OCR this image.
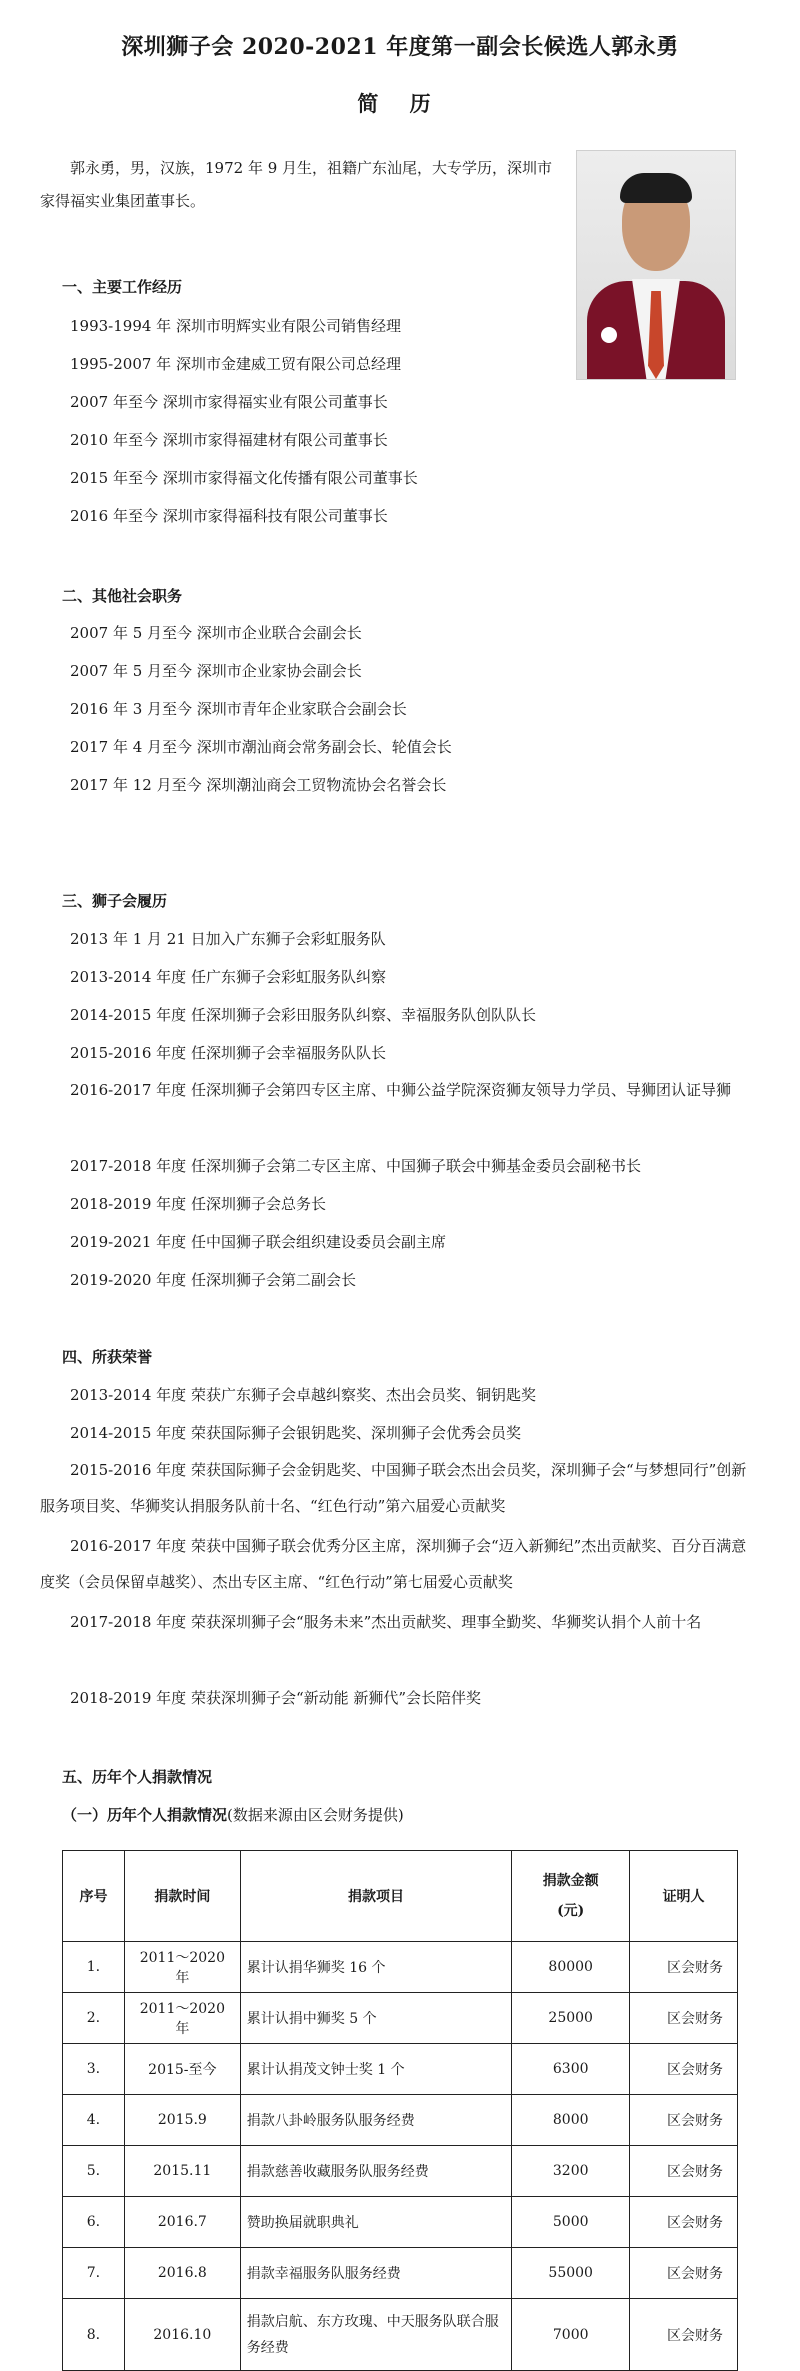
深圳狮子会 2020-2021 年度第一副会长候选人郭永勇
简 历
郭永勇，男，汉族，1972 年 9 月生，祖籍广东汕尾，大专学历，深圳市家得福实业集团董事长。
一、主要工作经历
1993-1994 年 深圳市明辉实业有限公司销售经理
1995-2007 年 深圳市金建威工贸有限公司总经理
2007 年至今 深圳市家得福实业有限公司董事长
2010 年至今 深圳市家得福建材有限公司董事长
2015 年至今 深圳市家得福文化传播有限公司董事长
2016 年至今 深圳市家得福科技有限公司董事长
二、其他社会职务
2007 年 5 月至今 深圳市企业联合会副会长
2007 年 5 月至今 深圳市企业家协会副会长
2016 年 3 月至今 深圳市青年企业家联合会副会长
2017 年 4 月至今 深圳市潮汕商会常务副会长、轮值会长
2017 年 12 月至今 深圳潮汕商会工贸物流协会名誉会长
三、狮子会履历
2013 年 1 月 21 日加入广东狮子会彩虹服务队
2013-2014 年度 任广东狮子会彩虹服务队纠察
2014-2015 年度 任深圳狮子会彩田服务队纠察、幸福服务队创队队长
2015-2016 年度 任深圳狮子会幸福服务队队长
2016-2017 年度 任深圳狮子会第四专区主席、中狮公益学院深资狮友领导力学员、导狮团认证导狮
2017-2018 年度 任深圳狮子会第二专区主席、中国狮子联会中狮基金委员会副秘书长
2018-2019 年度 任深圳狮子会总务长
2019-2021 年度 任中国狮子联会组织建设委员会副主席
2019-2020 年度 任深圳狮子会第二副会长
四、所获荣誉
2013-2014 年度 荣获广东狮子会卓越纠察奖、杰出会员奖、铜钥匙奖
2014-2015 年度 荣获国际狮子会银钥匙奖、深圳狮子会优秀会员奖
2015-2016 年度 荣获国际狮子会金钥匙奖、中国狮子联会杰出会员奖，深圳狮子会“与梦想同行”创新服务项目奖、华狮奖认捐服务队前十名、“红色行动”第六届爱心贡献奖
2016-2017 年度 荣获中国狮子联会优秀分区主席，深圳狮子会“迈入新狮纪”杰出贡献奖、百分百满意度奖（会员保留卓越奖）、杰出专区主席、“红色行动”第七届爱心贡献奖
2017-2018 年度 荣获深圳狮子会“服务未来”杰出贡献奖、理事全勤奖、华狮奖认捐个人前十名
2018-2019 年度 荣获深圳狮子会“新动能 新狮代”会长陪伴奖
五、历年个人捐款情况
（一）历年个人捐款情况(数据来源由区会财务提供)
序号	捐款时间	捐款项目	捐款金额
(元)	证明人
1.	2011～2020 年	累计认捐华狮奖 16 个	80000	区会财务
2.	2011～2020 年	累计认捐中狮奖 5 个	25000	区会财务
3.	2015-至今	累计认捐茂文钟士奖 1 个	6300	区会财务
4.	2015.9	捐款八卦岭服务队服务经费	8000	区会财务
5.	2015.11	捐款慈善收藏服务队服务经费	3200	区会财务
6.	2016.7	赞助换届就职典礼	5000	区会财务
7.	2016.8	捐款幸福服务队服务经费	55000	区会财务
8.	2016.10	捐款启航、东方玫瑰、中天服务队联合服务经费	7000	区会财务
